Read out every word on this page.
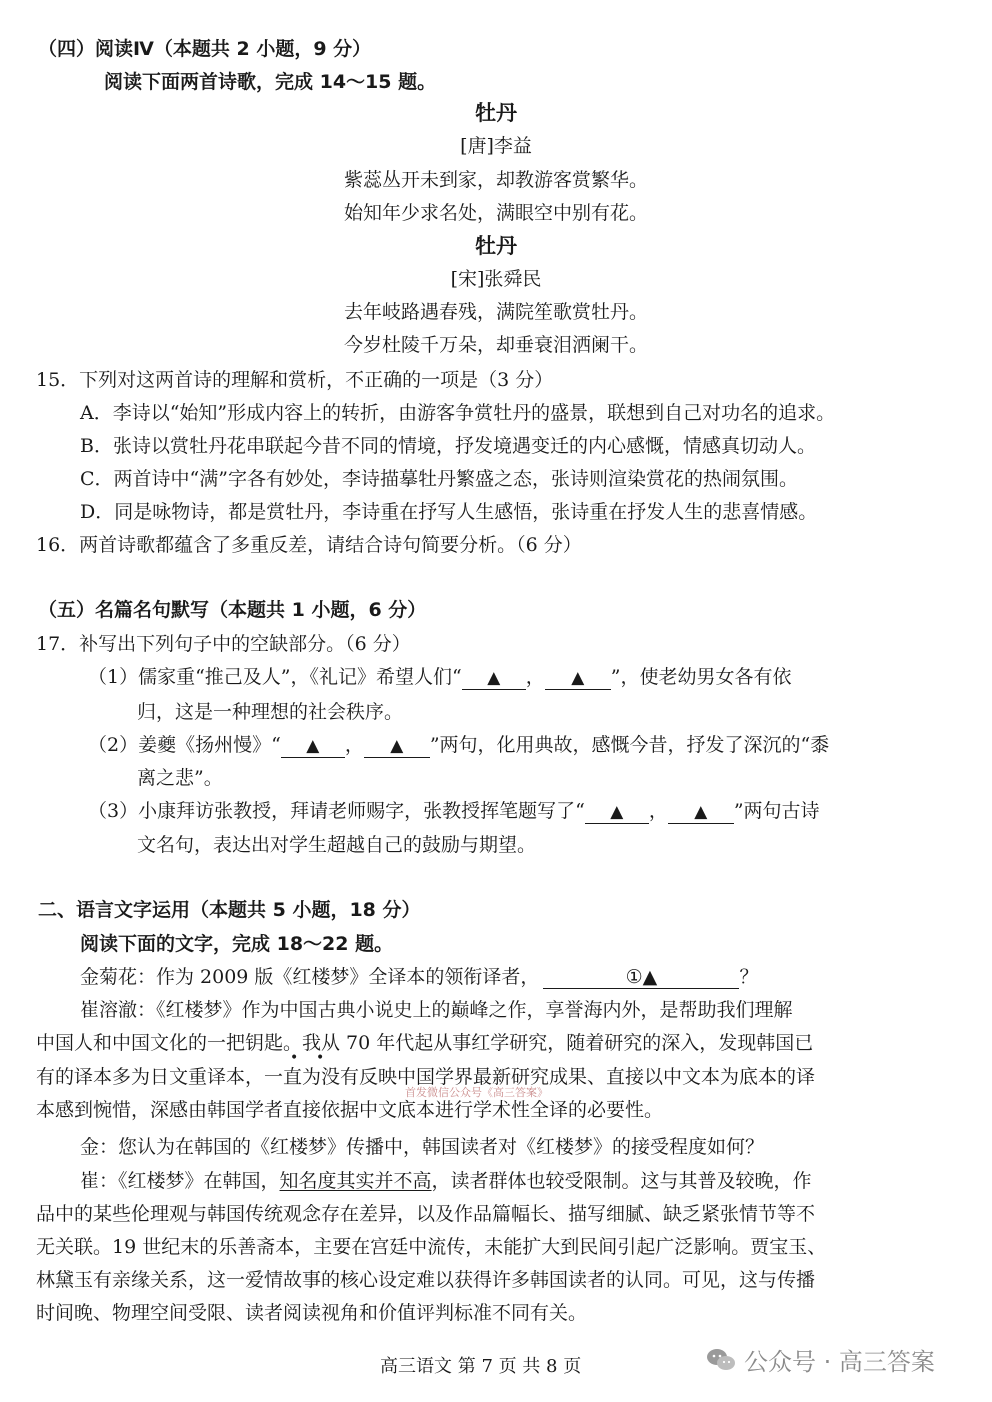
（四）阅读Ⅳ（本题共 2 小题，9 分）
阅读下面两首诗歌，完成 14～15 题。
牡丹
[唐]李益
紫蕊丛开未到家，却教游客赏繁华。
始知年少求名处，满眼空中别有花。
牡丹
[宋]张舜民
去年岐路遇春残，满院笙歌赏牡丹。
今岁杜陵千万朵，却垂衰泪洒阑干。
15．下列对这两首诗的理解和赏析，不正确的一项是（3 分）
A．李诗以“始知”形成内容上的转折，由游客争赏牡丹的盛景，联想到自己对功名的追求。
B．张诗以赏牡丹花串联起今昔不同的情境，抒发境遇变迁的内心感慨，情感真切动人。
C．两首诗中“满”字各有妙处，李诗描摹牡丹繁盛之态，张诗则渲染赏花的热闹氛围。
D．同是咏物诗，都是赏牡丹，李诗重在抒写人生感悟，张诗重在抒发人生的悲喜情感。
16．两首诗歌都蕴含了多重反差，请结合诗句简要分析。（6 分）
（五）名篇名句默写（本题共 1 小题，6 分）
17．补写出下列句子中的空缺部分。（6 分）
（1）儒家重“推己及人”，《礼记》希望人们“ ▲ ， ▲ ”，使老幼男女各有依
归，这是一种理想的社会秩序。
（2）姜夔《扬州慢》“ ▲ ， ▲ ”两句，化用典故，感慨今昔，抒发了深沉的“黍
离之悲”。
（3）小康拜访张教授，拜请老师赐字，张教授挥笔题写了“ ▲ ， ▲ ”两句古诗
文名句，表达出对学生超越自己的鼓励与期望。
二、语言文字运用（本题共 5 小题，18 分）
阅读下面的文字，完成 18～22 题。
金菊花：作为 2009 版《红楼梦》全译本的领衔译者，	①▲	？
崔溶澈：《红楼梦》作为中国古典小说史上的巅峰之作，享誉海内外，是帮助我们理解
中国人和中国文化的一把钥匙。我从 70 年代起从事红学研究，随着研究的深入，发现韩国已
• •
有的译本多为日文重译本，一直为没有反映中国学界最新研究成果、直接以中文本为底本的译
首发微信公众号《高三答案》
本感到惋惜，深感由韩国学者直接依据中文底本进行学术性全译的必要性。
金：您认为在韩国的《红楼梦》传播中，韩国读者对《红楼梦》的接受程度如何？
崔：《红楼梦》在韩国，知名度其实并不高，读者群体也较受限制。这与其普及较晚，作
品中的某些伦理观与韩国传统观念存在差异，以及作品篇幅长、描写细腻、缺乏紧张情节等不
无关联。19 世纪末的乐善斋本，主要在宫廷中流传，未能扩大到民间引起广泛影响。贾宝玉、
林黛玉有亲缘关系，这一爱情故事的核心设定难以获得许多韩国读者的认同。可见，这与传播
时间晚、物理空间受限、读者阅读视角和价值评判标准不同有关。
高三语文 第 7 页 共 8 页	公众号 · 高三答案
